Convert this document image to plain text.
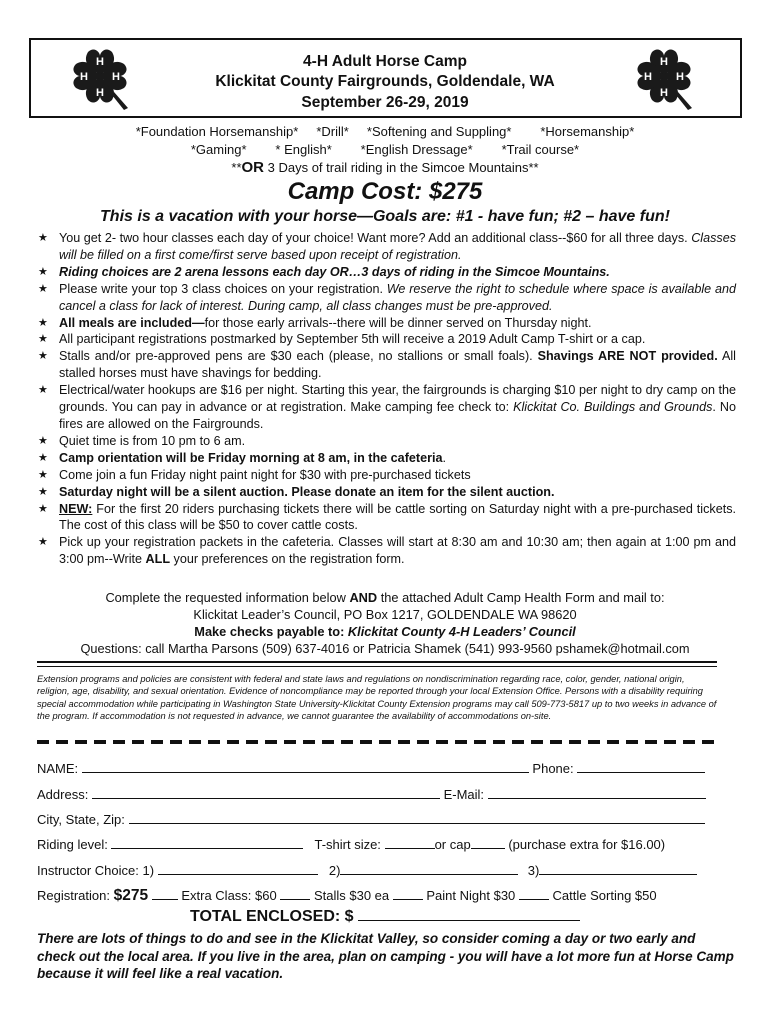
H
H
H H
H
H
H H
4-H Adult Horse Camp
Klickitat County Fairgrounds, Goldendale, WA
September 26-29, 2019
*Foundation Horsemanship*     *Drill*     *Softening and Suppling*        *Horsemanship*
*Gaming*        * English*        *English Dressage*        *Trail course*
**OR 3 Days of trail riding in the Simcoe Mountains**
Camp Cost: $275
This is a vacation with your horse—Goals are: #1 - have fun; #2 – have fun!
★ You get 2- two hour classes each day of your choice! Want more? Add an additional class--$60 for all three days. Classes will be filled on a first come/first serve based upon receipt of registration.
★ Riding choices are 2 arena lessons each day OR…3 days of riding in the Simcoe Mountains.
★ Please write your top 3 class choices on your registration. We reserve the right to schedule where space is available and cancel a class for lack of interest. During camp, all class changes must be pre-approved.
★ All meals are included—for those early arrivals--there will be dinner served on Thursday night.
★ All participant registrations postmarked by September 5th will receive a 2019 Adult Camp T-shirt or a cap.
★ Stalls and/or pre-approved pens are $30 each (please, no stallions or small foals). Shavings ARE NOT provided. All stalled horses must have shavings for bedding.
★ Electrical/water hookups are $16 per night. Starting this year, the fairgrounds is charging $10 per night to dry camp on the grounds. You can pay in advance or at registration. Make camping fee check to: Klickitat Co. Buildings and Grounds. No fires are allowed on the Fairgrounds.
★ Quiet time is from 10 pm to 6 am.
★ Camp orientation will be Friday morning at 8 am, in the cafeteria.
★ Come join a fun Friday night paint night for $30 with pre-purchased tickets
★ Saturday night will be a silent auction. Please donate an item for the silent auction.
★ NEW: For the first 20 riders purchasing tickets there will be cattle sorting on Saturday night with a pre-purchased tickets. The cost of this class will be $50 to cover cattle costs.
★ Pick up your registration packets in the cafeteria. Classes will start at 8:30 am and 10:30 am; then again at 1:00 pm and 3:00 pm--Write ALL your preferences on the registration form.
Complete the requested information below AND the attached Adult Camp Health Form and mail to:
Klickitat Leader’s Council, PO Box 1217, GOLDENDALE WA 98620
Make checks payable to: Klickitat County 4-H Leaders’ Council
Questions: call Martha Parsons (509) 637-4016 or Patricia Shamek (541) 993-9560 pshamek@hotmail.com
Extension programs and policies are consistent with federal and state laws and regulations on nondiscrimination regarding race, color, gender, national origin, religion, age, disability, and sexual orientation. Evidence of noncompliance may be reported through your local Extension Office. Persons with a disability requiring special accommodation while participating in Washington State University-Klickitat County Extension programs may call 509-773-5817 up to two weeks in advance of the program. If accommodation is not requested in advance, we cannot guarantee the availability of accommodations on-site.
NAME:	Phone:
Address:	E-Mail:
City, State, Zip:
Riding level:	T-shirt size:	or cap	(purchase extra for $16.00)
Instructor Choice: 1)	2)	3)
Registration: $275	Extra Class: $60	Stalls $30 ea	Paint Night $30	Cattle Sorting $50
TOTAL ENCLOSED: $
There are lots of things to do and see in the Klickitat Valley, so consider coming a day or two early and check out the local area. If you live in the area, plan on camping - you will have a lot more fun at Horse Camp because it will feel like a real vacation.
